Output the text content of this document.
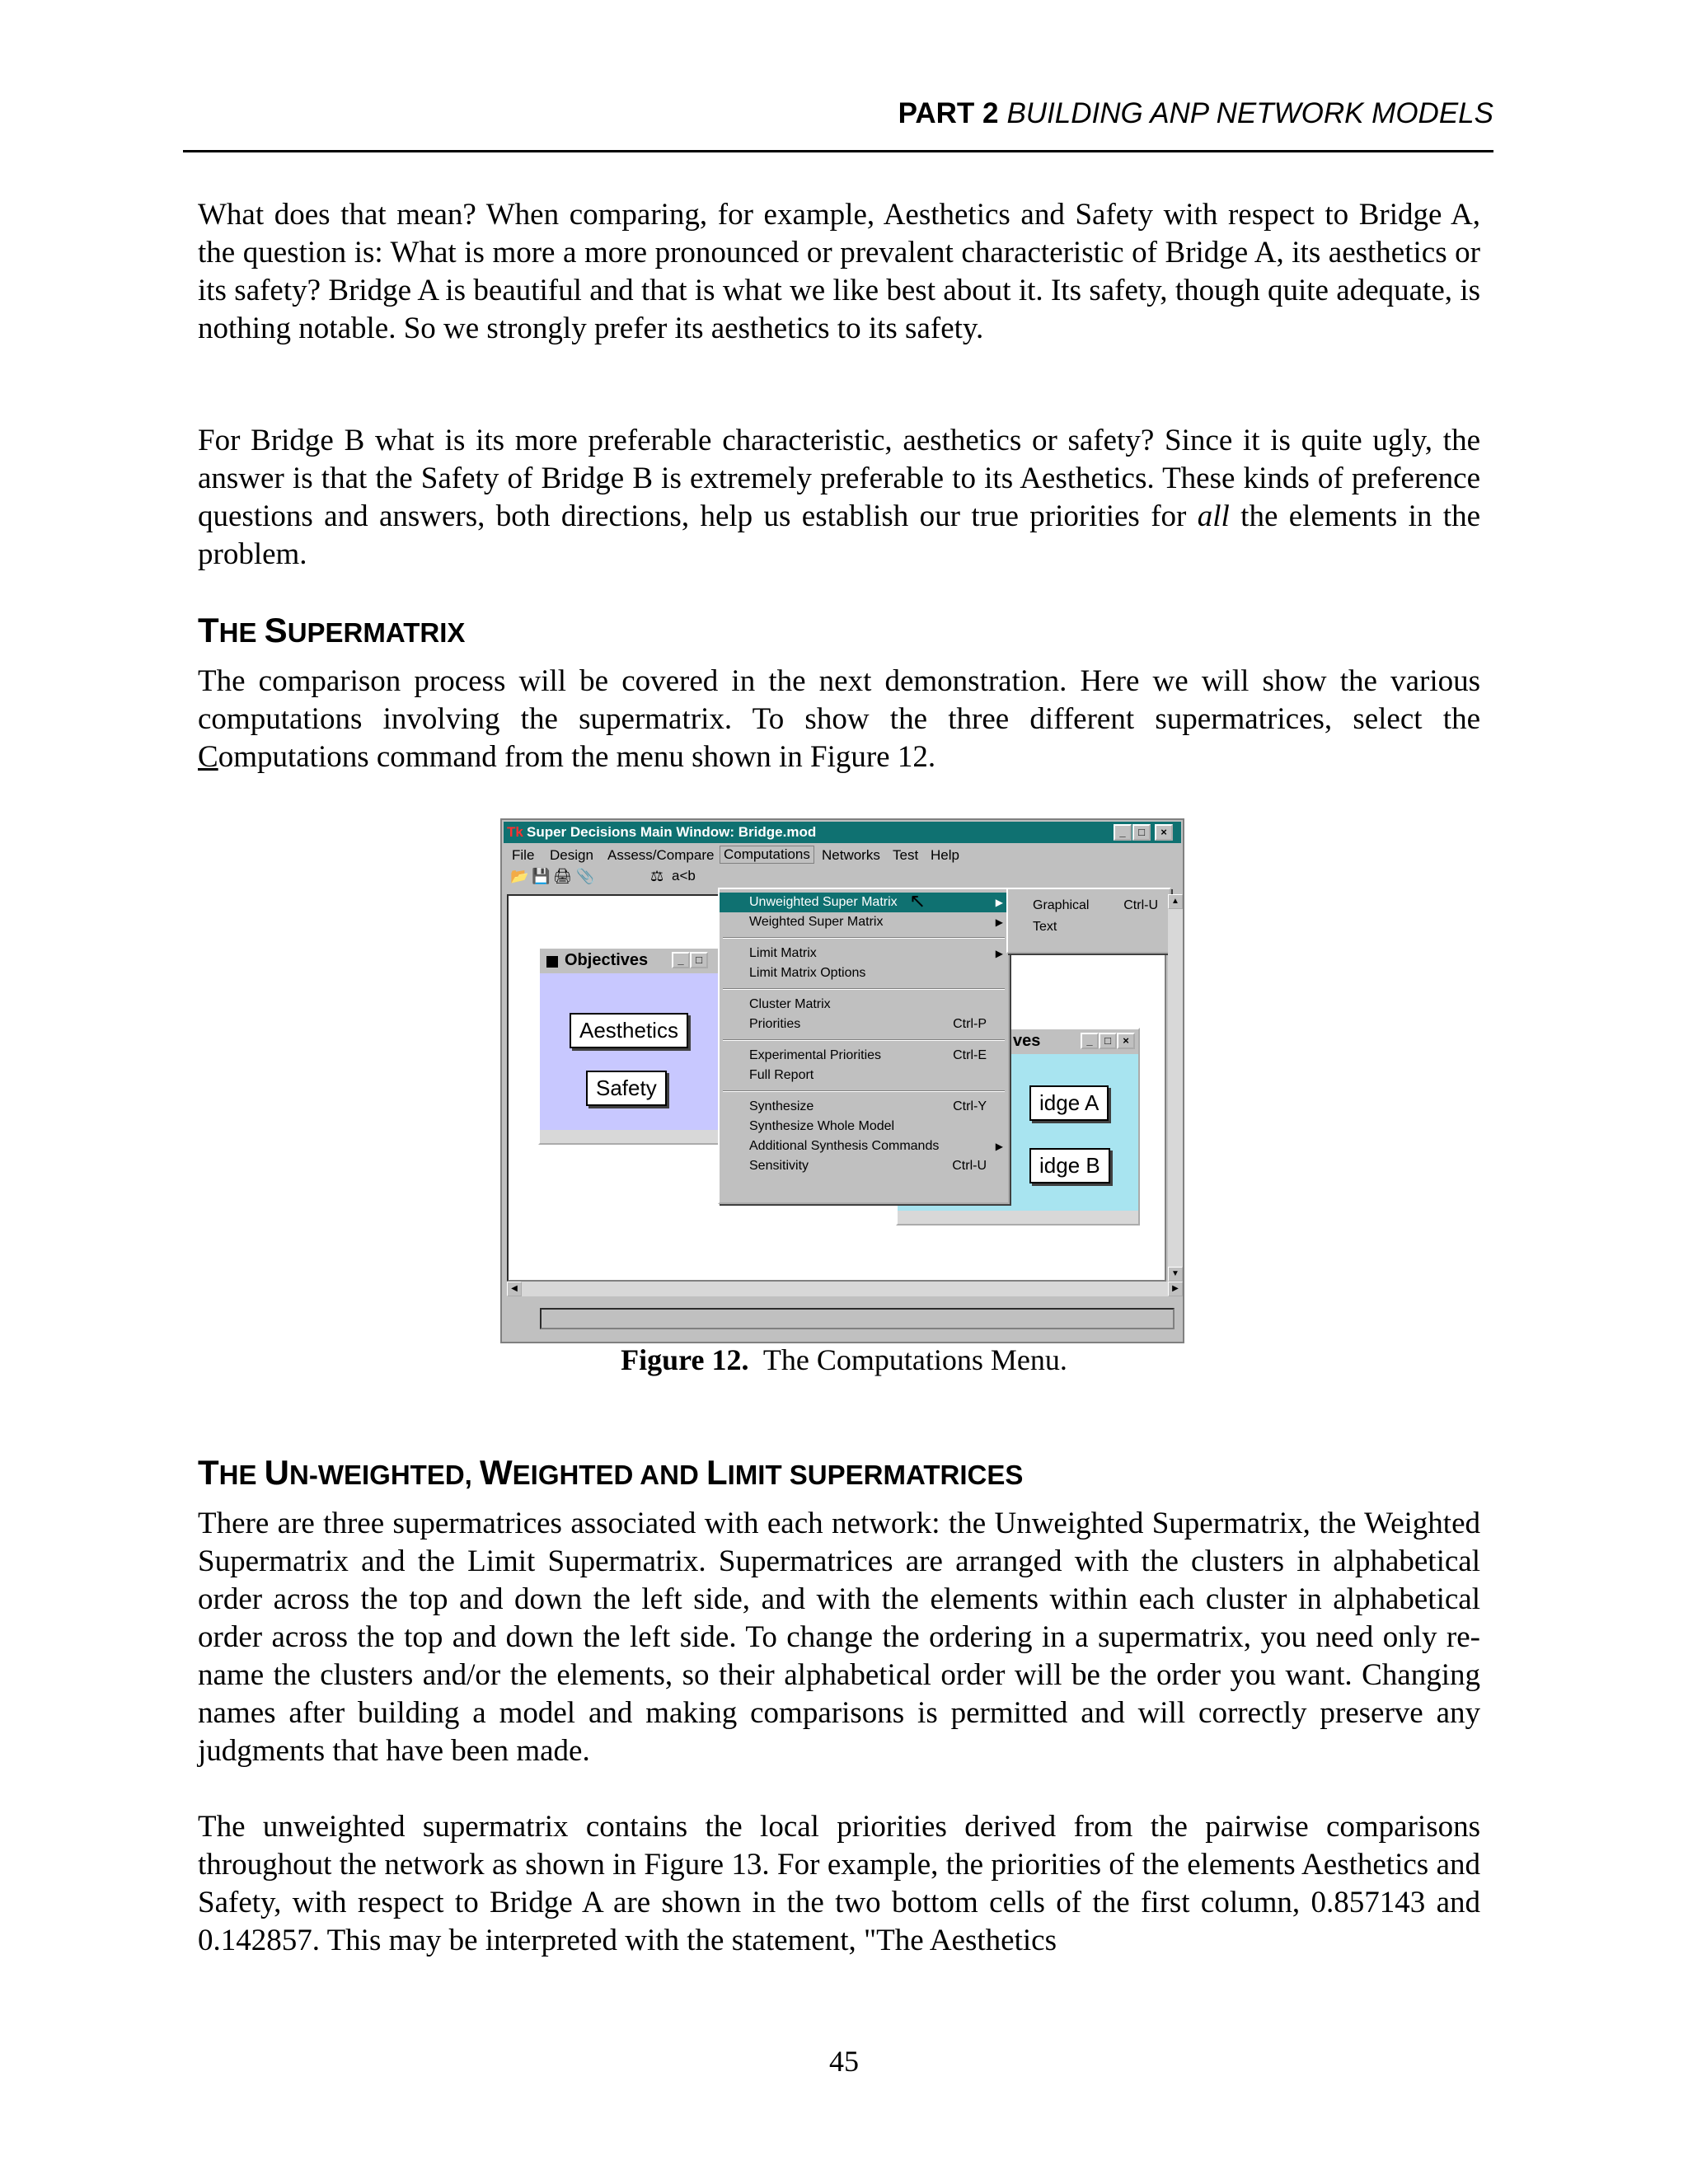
PART 2 BUILDING ANP NETWORK MODELS

What does that mean? When comparing, for example, Aesthetics and Safety with respect to Bridge A, the question is: What is more a more pronounced or prevalent characteristic of Bridge A, its aesthetics or its safety? Bridge A is beautiful and that is what we like best about it. Its safety, though quite adequate, is nothing notable. So we strongly prefer its aesthetics to its safety.

For Bridge B what is its more preferable characteristic, aesthetics or safety? Since it is quite ugly, the answer is that the Safety of Bridge B is extremely preferable to its Aesthetics. These kinds of preference questions and answers, both directions, help us establish our true priorities for all the elements in the problem.

THE SUPERMATRIX

The comparison process will be covered in the next demonstration. Here we will show the various computations involving the supermatrix. To show the three different supermatrices, select the Computations command from the menu shown in Figure 12.

Tk Super Decisions Main Window: Bridge.mod	_	□	×
File Design Assess/Compare Computations Networks Test Help
📂 💾 🖨 📎	⚖ a<b
Objectives	_	□
Aesthetics
Safety
ves	_	□	×
idge A
idge B
Unweighted Super Matrix	▶
Weighted Super Matrix	▶
Limit Matrix	▶
Limit Matrix Options
Cluster Matrix
Priorities	Ctrl-P
Experimental Priorities	Ctrl-E
Full Report
Synthesize	Ctrl-Y
Synthesize Whole Model
Additional Synthesis Commands	▶
Sensitivity	Ctrl-U
Graphical	Ctrl-U
Text
↖	▲
▼
◀	▶
Figure 12. The Computations Menu.
THE UN-WEIGHTED, WEIGHTED AND LIMIT SUPERMATRICES

There are three supermatrices associated with each network: the Unweighted Supermatrix, the Weighted Supermatrix and the Limit Supermatrix. Supermatrices are arranged with the clusters in alphabetical order across the top and down the left side, and with the elements within each cluster in alphabetical order across the top and down the left side. To change the ordering in a supermatrix, you need only re-name the clusters and/or the elements, so their alphabetical order will be the order you want. Changing names after building a model and making comparisons is permitted and will correctly preserve any judgments that have been made.

The unweighted supermatrix contains the local priorities derived from the pairwise comparisons throughout the network as shown in Figure 13. For example, the priorities of the elements Aesthetics and Safety, with respect to Bridge A are shown in the two bottom cells of the first column, 0.857143 and 0.142857. This may be interpreted with the statement, "The Aesthetics

45
